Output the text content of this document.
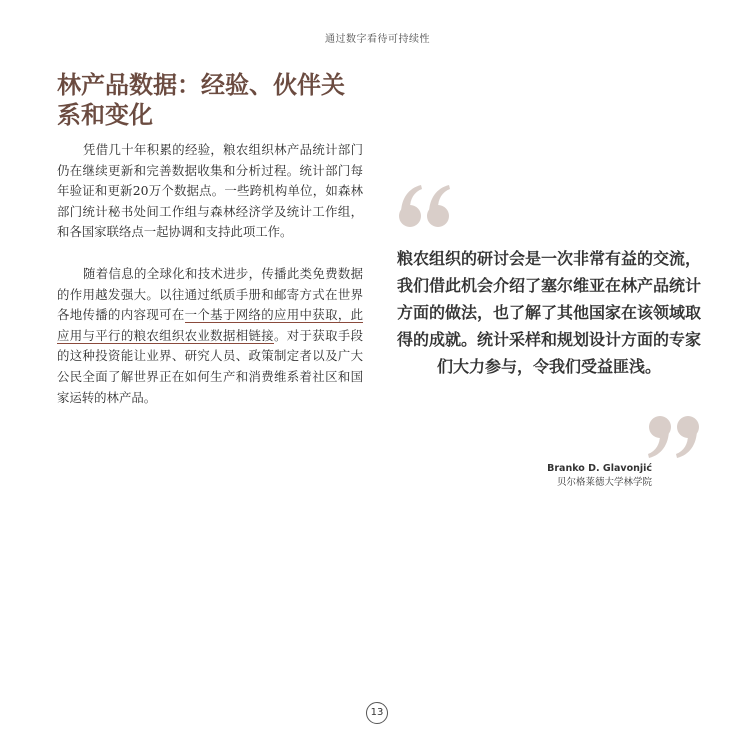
通过数字看待可持续性
林产品数据：经验、伙伴关系和变化

凭借几十年积累的经验，粮农组织林产品统计部门仍在继续更新和完善数据收集和分析过程。统计部门每年验证和更新20万个数据点。一些跨机构单位，如森林部门统计秘书处间工作组与森林经济学及统计工作组，和各国家联络点一起协调和支持此项工作。

随着信息的全球化和技术进步，传播此类免费数据的作用越发强大。以往通过纸质手册和邮寄方式在世界各地传播的内容现可在一个基于网络的应用中获取，此应用与平行的粮农组织农业数据相链接。对于获取手段的这种投资能让业界、研究人员、政策制定者以及广大公民全面了解世界正在如何生产和消费维系着社区和国家运转的林产品。

粮农组织的研讨会是一次非常有益的交流，我们借此机会介绍了塞尔维亚在林产品统计方面的做法，也了解了其他国家在该领域取得的成就。统计采样和规划设计方面的专家们大力参与，令我们受益匪浅。

Branko D. Glavonjić
贝尔格莱德大学林学院
13
